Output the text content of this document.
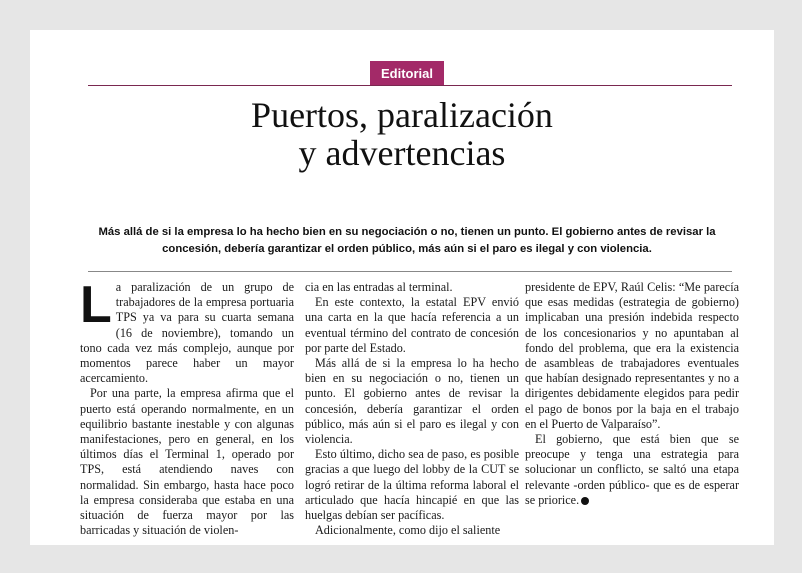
Editorial
Puertos, paralización
y advertencias

Más allá de si la empresa lo ha hecho bien en su negociación o no, tienen un punto. El gobierno antes de revisar la concesión, debería garantizar el orden público, más aún si el paro es ilegal y con violencia.

La paralización de un grupo de trabajadores de la empresa portuaria TPS ya va para su cuarta semana (16 de noviembre), tomando un tono cada vez más complejo, aunque por momentos parece haber un mayor acercamiento.

Por una parte, la empresa afirma que el puerto está operando normalmente, en un equilibrio bastante inestable y con algunas manifestaciones, pero en general, en los últimos días el Terminal 1, operado por TPS, está atendiendo naves con normalidad. Sin embargo, hasta hace poco la empresa consideraba que estaba en una situación de fuerza mayor por las barricadas y situación de violen-

cia en las entradas al terminal.

En este contexto, la estatal EPV envió una carta en la que hacía referencia a un eventual término del contrato de concesión por parte del Estado.

Más allá de si la empresa lo ha hecho bien en su negociación o no, tienen un punto. El gobierno antes de revisar la concesión, debería garantizar el orden público, más aún si el paro es ilegal y con violencia.

Esto último, dicho sea de paso, es posible gracias a que luego del lobby de la CUT se logró retirar de la última reforma laboral el articulado que hacía hincapié en que las huelgas debían ser pacíficas.

Adicionalmente, como dijo el saliente

presidente de EPV, Raúl Celis: “Me parecía que esas medidas (estrategia de gobierno) implicaban una presión indebida respecto de los concesionarios y no apuntaban al fondo del problema, que era la existencia de asambleas de trabajadores eventuales que habían designado representantes y no a dirigentes debidamente elegidos para pedir el pago de bonos por la baja en el trabajo en el Puerto de Valparaíso”.

El gobierno, que está bien que se preocupe y tenga una estrategia para solucionar un conflicto, se saltó una etapa relevante -orden público- que es de esperar se priorice.
